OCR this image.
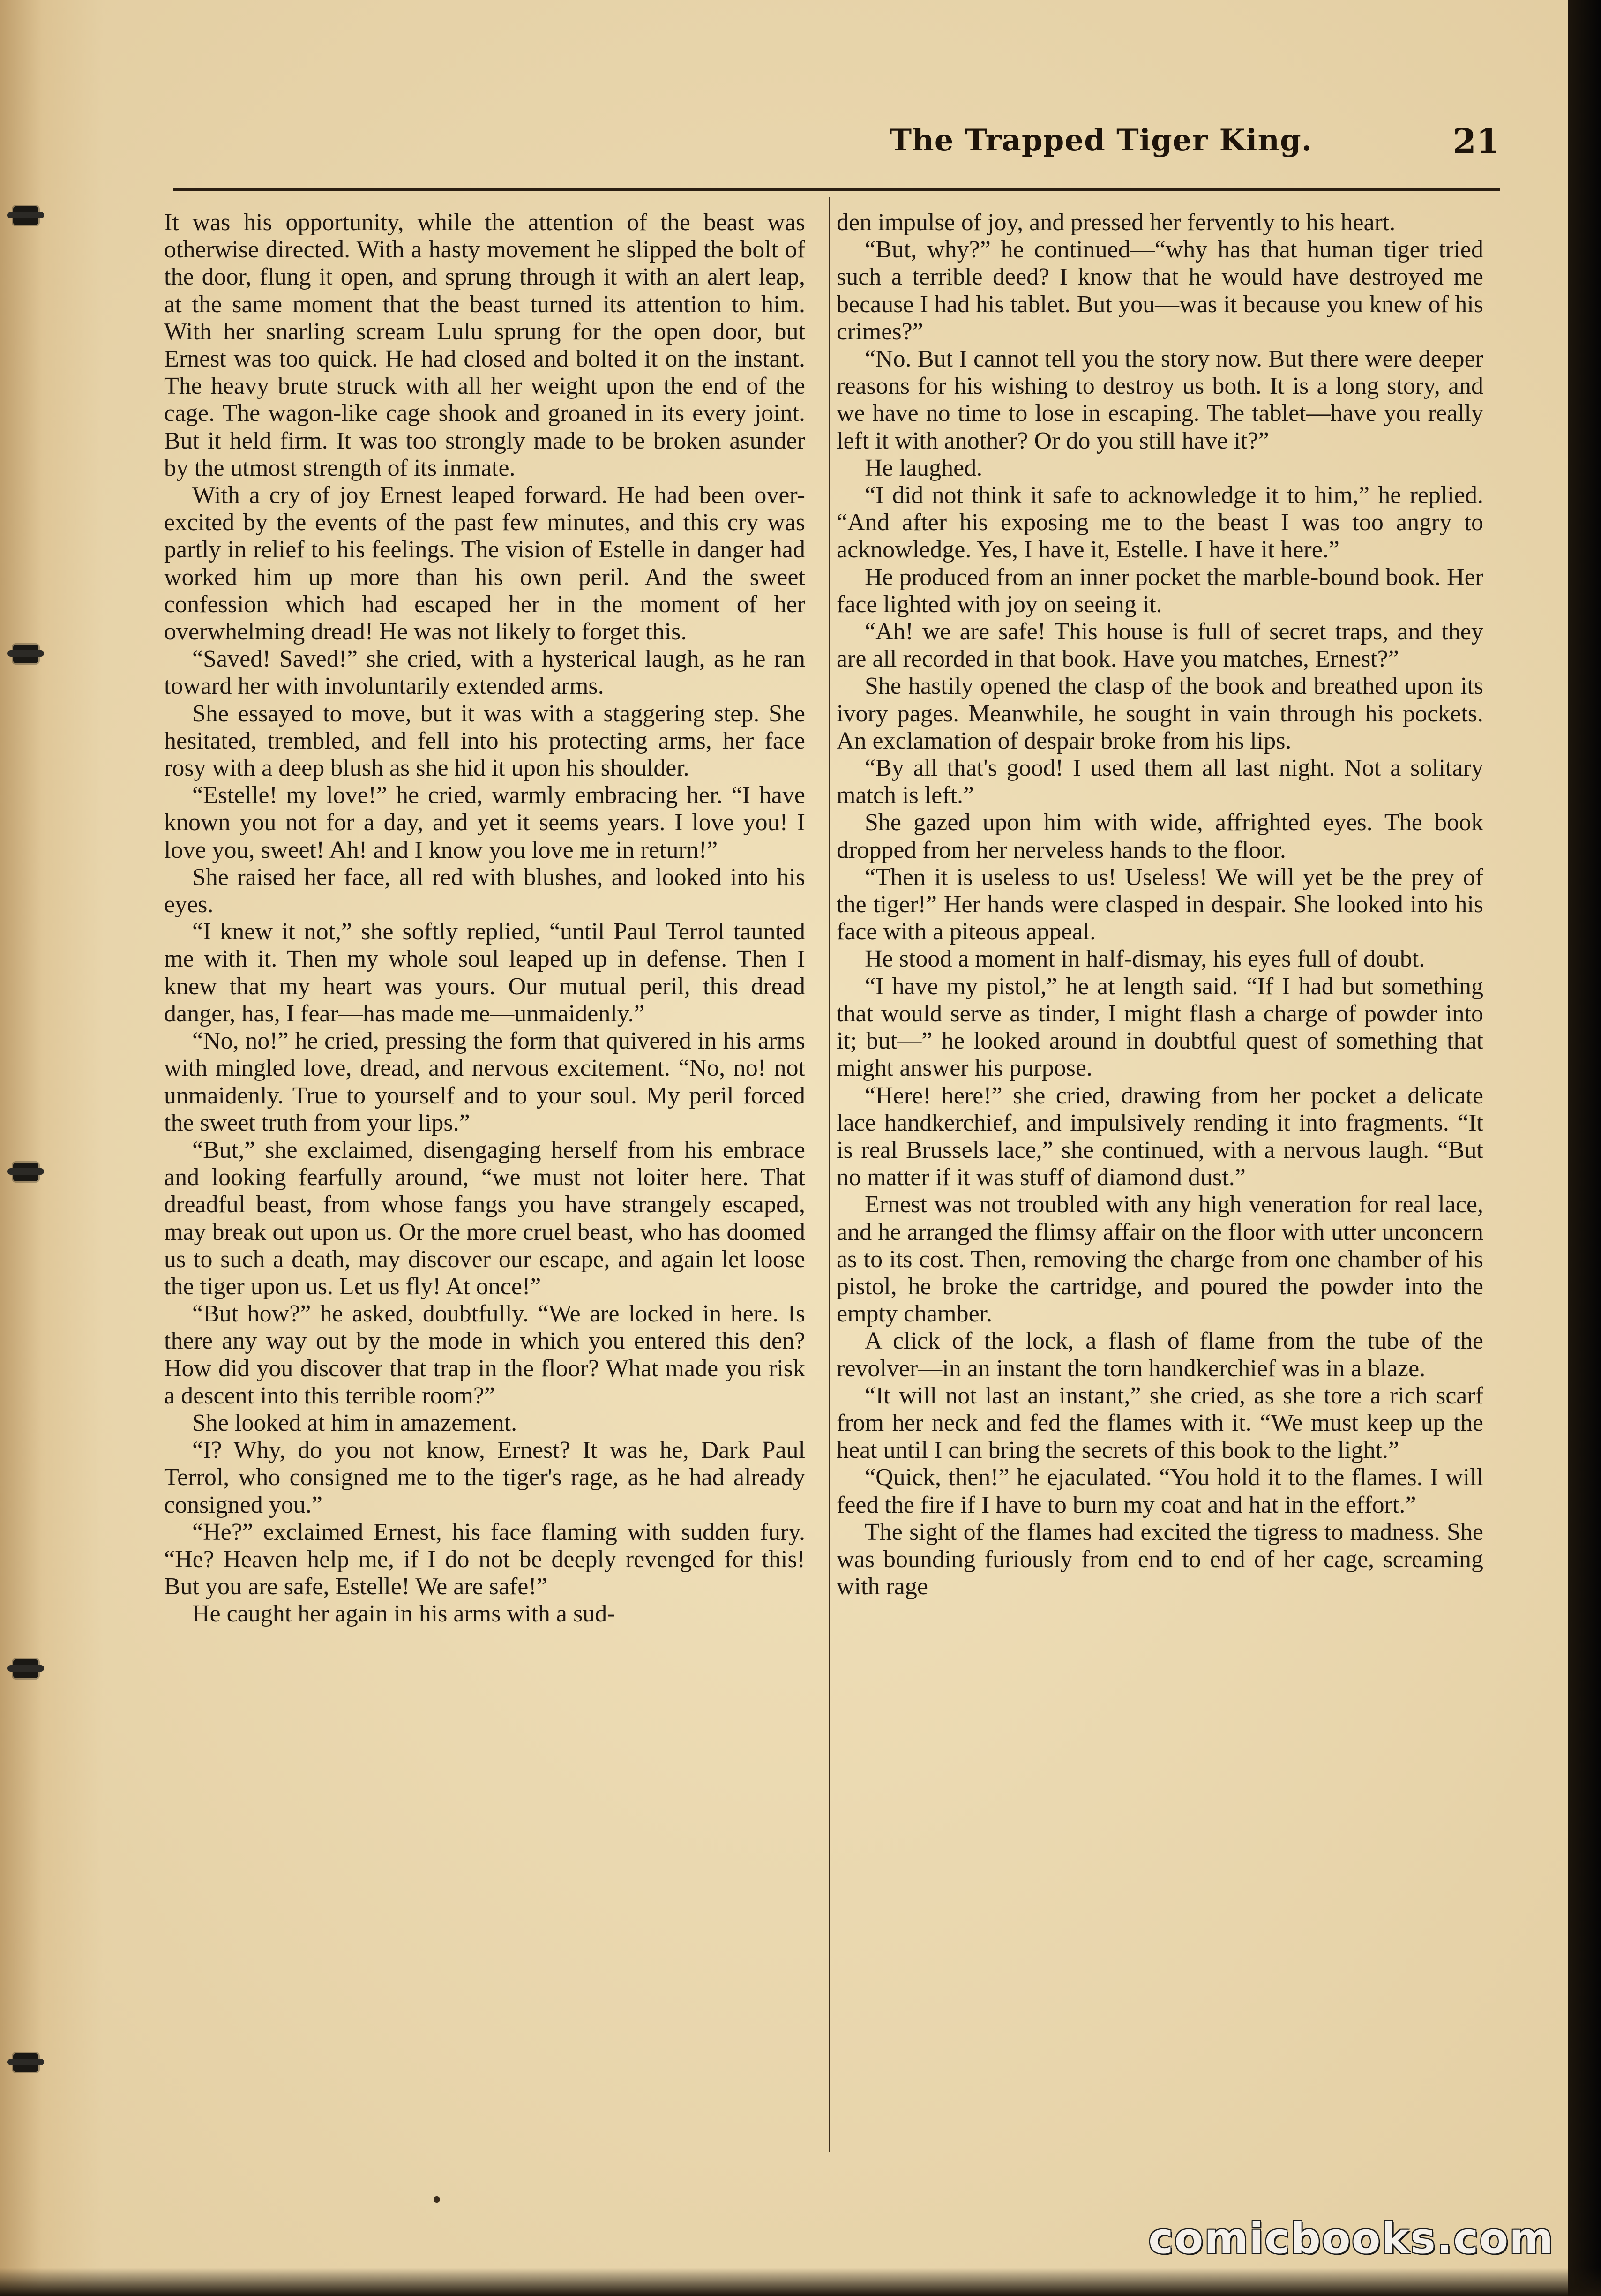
The Trapped Tiger King.	21

It was his opportunity, while the attention of the beast was otherwise directed. With a hasty movement he slipped the bolt of the door, flung it open, and sprung through it with an alert leap, at the same moment that the beast turned its attention to him. With her snarling scream Lulu sprung for the open door, but Ernest was too quick. He had closed and bolted it on the instant. The heavy brute struck with all her weight upon the end of the cage. The wagon-like cage shook and groaned in its every joint. But it held firm. It was too strongly made to be broken asunder by the utmost strength of its inmate.

With a cry of joy Ernest leaped forward. He had been over-excited by the events of the past few minutes, and this cry was partly in relief to his feelings. The vision of Estelle in danger had worked him up more than his own peril. And the sweet confession which had escaped her in the moment of her overwhelming dread! He was not likely to forget this.

“Saved! Saved!” she cried, with a hysterical laugh, as he ran toward her with involuntarily extended arms.

She essayed to move, but it was with a staggering step. She hesitated, trembled, and fell into his protecting arms, her face rosy with a deep blush as she hid it upon his shoulder.

“Estelle! my love!” he cried, warmly embracing her. “I have known you not for a day, and yet it seems years. I love you! I love you, sweet! Ah! and I know you love me in return!”

She raised her face, all red with blushes, and looked into his eyes.

“I knew it not,” she softly replied, “until Paul Terrol taunted me with it. Then my whole soul leaped up in defense. Then I knew that my heart was yours. Our mutual peril, this dread danger, has, I fear—has made me—unmaidenly.”

“No, no!” he cried, pressing the form that quivered in his arms with mingled love, dread, and nervous excitement. “No, no! not unmaidenly. True to yourself and to your soul. My peril forced the sweet truth from your lips.”

“But,” she exclaimed, disengaging herself from his embrace and looking fearfully around, “we must not loiter here. That dreadful beast, from whose fangs you have strangely escaped, may break out upon us. Or the more cruel beast, who has doomed us to such a death, may discover our escape, and again let loose the tiger upon us. Let us fly! At once!”

“But how?” he asked, doubtfully. “We are locked in here. Is there any way out by the mode in which you entered this den? How did you discover that trap in the floor? What made you risk a descent into this terrible room?”

She looked at him in amazement.

“I? Why, do you not know, Ernest? It was he, Dark Paul Terrol, who consigned me to the tiger's rage, as he had already consigned you.”

“He?” exclaimed Ernest, his face flaming with sudden fury. “He? Heaven help me, if I do not be deeply revenged for this! But you are safe, Estelle! We are safe!”

He caught her again in his arms with a sud-

den impulse of joy, and pressed her fervently to his heart.

“But, why?” he continued—“why has that human tiger tried such a terrible deed? I know that he would have destroyed me because I had his tablet. But you—was it because you knew of his crimes?”

“No. But I cannot tell you the story now. But there were deeper reasons for his wishing to destroy us both. It is a long story, and we have no time to lose in escaping. The tablet—have you really left it with another? Or do you still have it?”

He laughed.

“I did not think it safe to acknowledge it to him,” he replied. “And after his exposing me to the beast I was too angry to acknowledge. Yes, I have it, Estelle. I have it here.”

He produced from an inner pocket the marble-bound book. Her face lighted with joy on seeing it.

“Ah! we are safe! This house is full of secret traps, and they are all recorded in that book. Have you matches, Ernest?”

She hastily opened the clasp of the book and breathed upon its ivory pages. Meanwhile, he sought in vain through his pockets. An exclamation of despair broke from his lips.

“By all that's good! I used them all last night. Not a solitary match is left.”

She gazed upon him with wide, affrighted eyes. The book dropped from her nerveless hands to the floor.

“Then it is useless to us! Useless! We will yet be the prey of the tiger!” Her hands were clasped in despair. She looked into his face with a piteous appeal.

He stood a moment in half-dismay, his eyes full of doubt.

“I have my pistol,” he at length said. “If I had but something that would serve as tinder, I might flash a charge of powder into it; but—” he looked around in doubtful quest of something that might answer his purpose.

“Here! here!” she cried, drawing from her pocket a delicate lace handkerchief, and impulsively rending it into fragments. “It is real Brussels lace,” she continued, with a nervous laugh. “But no matter if it was stuff of diamond dust.”

Ernest was not troubled with any high veneration for real lace, and he arranged the flimsy affair on the floor with utter unconcern as to its cost. Then, removing the charge from one chamber of his pistol, he broke the cartridge, and poured the powder into the empty chamber.

A click of the lock, a flash of flame from the tube of the revolver—in an instant the torn handkerchief was in a blaze.

“It will not last an instant,” she cried, as she tore a rich scarf from her neck and fed the flames with it. “We must keep up the heat until I can bring the secrets of this book to the light.”

“Quick, then!” he ejaculated. “You hold it to the flames. I will feed the fire if I have to burn my coat and hat in the effort.”

The sight of the flames had excited the tigress to madness. She was bounding furiously from end to end of her cage, screaming with rage

comicbooks.com
